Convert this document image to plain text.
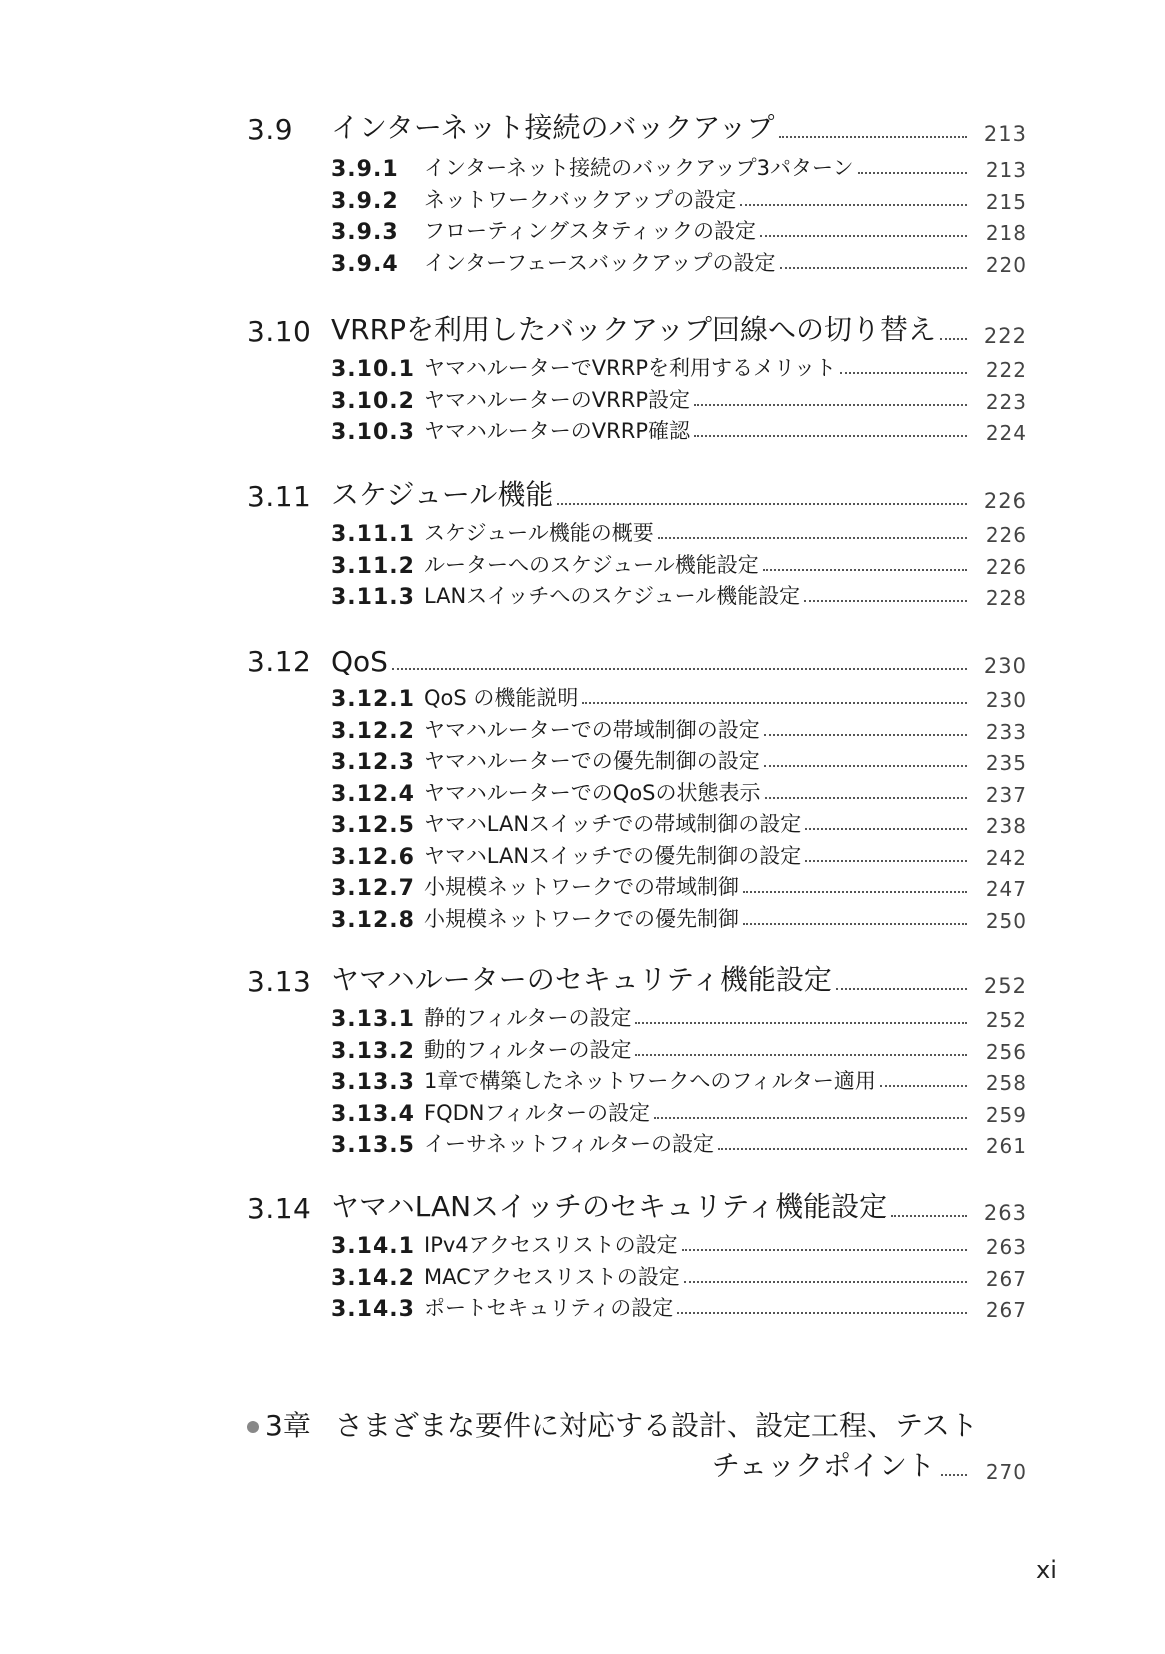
3.9	インターネット接続のバックアップ	213
3.9.1	インターネット接続のバックアップ3パターン	213
3.9.2	ネットワークバックアップの設定	215
3.9.3	フローティングスタティックの設定	218
3.9.4	インターフェースバックアップの設定	220
3.10 VRRPを利用したバックアップ回線への切り替え 222
3.10.1 ヤマハルーターでVRRPを利用するメリット	222
3.10.2 ヤマハルーターのVRRP設定	223
3.10.3 ヤマハルーターのVRRP確認	224
3.11 スケジュール機能	226
3.11.1 スケジュール機能の概要	226
3.11.2 ルーターへのスケジュール機能設定	226
3.11.3 LANスイッチへのスケジュール機能設定	228
3.12 QoS	230
3.12.1 QoS の機能説明	230
3.12.2 ヤマハルーターでの帯域制御の設定	233
3.12.3 ヤマハルーターでの優先制御の設定	235
3.12.4 ヤマハルーターでのQoSの状態表示	237
3.12.5 ヤマハLANスイッチでの帯域制御の設定	238
3.12.6 ヤマハLANスイッチでの優先制御の設定	242
3.12.7 小規模ネットワークでの帯域制御	247
3.12.8 小規模ネットワークでの優先制御	250
3.13 ヤマハルーターのセキュリティ機能設定	252
3.13.1 静的フィルターの設定	252
3.13.2 動的フィルターの設定	256
3.13.3 1章で構築したネットワークへのフィルター適用	258
3.13.4 FQDNフィルターの設定	259
3.13.5 イーサネットフィルターの設定	261
3.14 ヤマハLANスイッチのセキュリティ機能設定	263
3.14.1 IPv4アクセスリストの設定	263
3.14.2 MACアクセスリストの設定	267
3.14.3 ポートセキュリティの設定	267
3章 さまざまな要件に対応する設計、設定工程、テスト
チェックポイント	270
xi
